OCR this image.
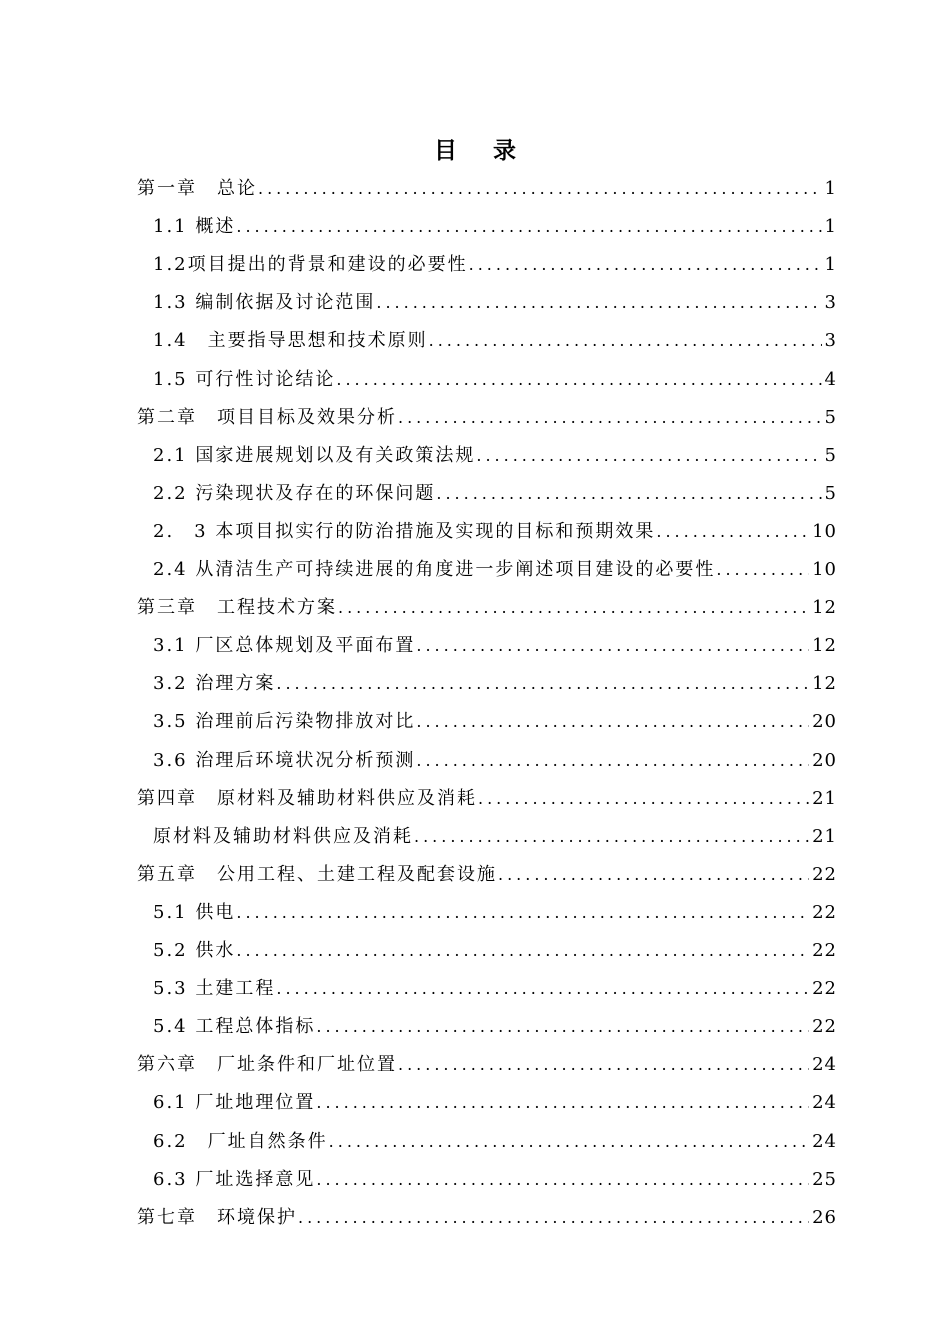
目 录
第一章　总论 .....	1
1.1 概述 .....	1
1.2项目提出的背景和建设的必要性 .....	1
1.3 编制依据及讨论范围 .....	3
1.4　主要指导思想和技术原则 .....	3
1.5 可行性讨论结论 .....	4
第二章　项目目标及效果分析 .....	5
2.1 国家进展规划以及有关政策法规 .....	5
2.2 污染现状及存在的环保问题 .....	5
2.　3 本项目拟实行的防治措施及实现的目标和预期效果 .....	10
2.4 从清洁生产可持续进展的角度进一步阐述项目建设的必要性 .....	10
第三章　工程技术方案 .....	12
3.1 厂区总体规划及平面布置 .....	12
3.2 治理方案 .....	12
3.5 治理前后污染物排放对比 .....	20
3.6 治理后环境状况分析预测 .....	20
第四章　原材料及辅助材料供应及消耗 .....	21
原材料及辅助材料供应及消耗 .....	21
第五章　公用工程、土建工程及配套设施 .....	22
5.1 供电 .....	22
5.2 供水 .....	22
5.3 土建工程 .....	22
5.4 工程总体指标 .....	22
第六章　厂址条件和厂址位置 .....	24
6.1 厂址地理位置 .....	24
6.2　厂址自然条件 .....	24
6.3 厂址选择意见 .....	25
第七章　环境保护 .....	26
